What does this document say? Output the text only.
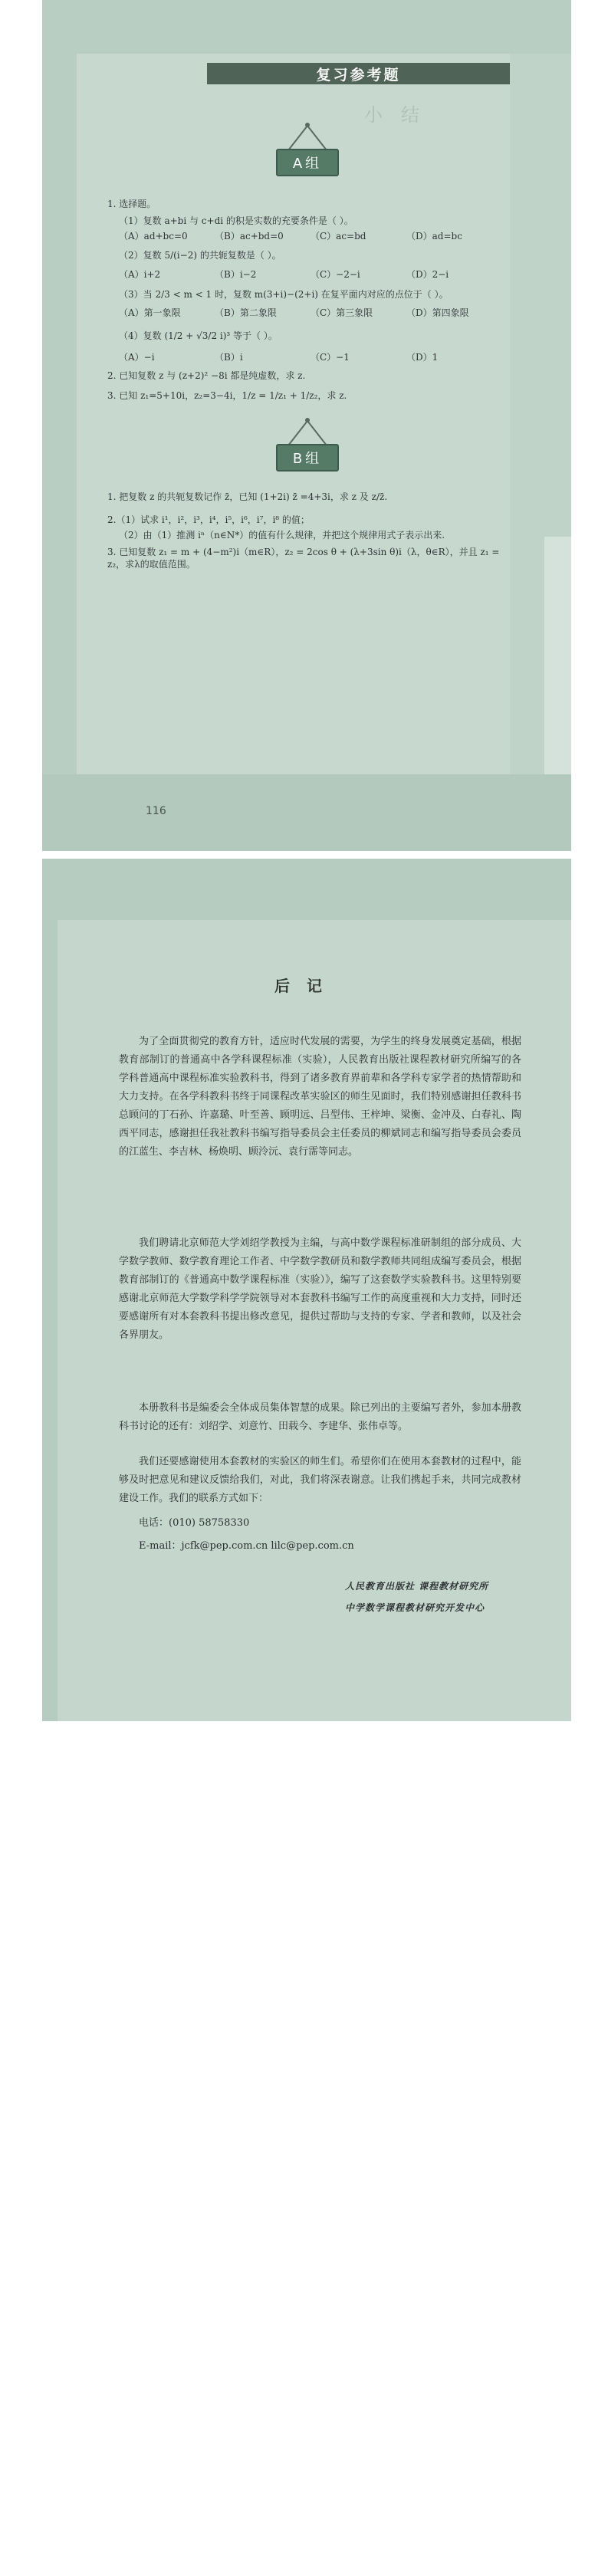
复习参考题
小结
A组
1. 选择题。
（1）复数 a+bi 与 c+di 的积是实数的充要条件是（ ）。
（A）ad+bc=0	（B）ac+bd=0	（C）ac=bd	（D）ad=bc
（2）复数 5/(i−2) 的共轭复数是（ ）。
（A）i+2	（B）i−2	（C）−2−i	（D）2−i
（3）当 2/3 < m < 1 时，复数 m(3+i)−(2+i) 在复平面内对应的点位于（ ）。
（A）第一象限	（B）第二象限	（C）第三象限	（D）第四象限
（4）复数 (1/2 + √3/2 i)³ 等于（ ）。
（A）−i	（B）i	（C）−1	（D）1
2. 已知复数 z 与 (z+2)² −8i 都是纯虚数，求 z.
3. 已知 z₁=5+10i，z₂=3−4i，1/z = 1/z₁ + 1/z₂，求 z.
B组
1. 把复数 z 的共轭复数记作 z̄，已知 (1+2i) z̄ =4+3i，求 z 及 z/z̄.
2.（1）试求 i¹，i²，i³，i⁴，i⁵，i⁶，i⁷，i⁸ 的值；
（2）由（1）推测 iⁿ（n∈N*）的值有什么规律，并把这个规律用式子表示出来.
3. 已知复数 z₁ = m + (4−m²)i（m∈R），z₂ = 2cos θ + (λ+3sin θ)i（λ，θ∈R），并且 z₁ = z₂，求λ的取值范围。
116
后记
为了全面贯彻党的教育方针，适应时代发展的需要，为学生的终身发展奠定基础，根据教育部制订的普通高中各学科课程标准（实验），人民教育出版社课程教材研究所编写的各学科普通高中课程标准实验教科书，得到了诸多教育界前辈和各学科专家学者的热情帮助和大力支持。在各学科教科书终于同课程改革实验区的师生见面时，我们特别感谢担任教科书总顾问的丁石孙、许嘉璐、叶至善、顾明远、吕型伟、王梓坤、梁衡、金冲及、白春礼、陶西平同志，感谢担任我社教科书编写指导委员会主任委员的柳斌同志和编写指导委员会委员的江蓝生、李吉林、杨焕明、顾泠沅、袁行霈等同志。
我们聘请北京师范大学刘绍学教授为主编，与高中数学课程标准研制组的部分成员、大学数学教师、数学教育理论工作者、中学数学教研员和数学教师共同组成编写委员会，根据教育部制订的《普通高中数学课程标准（实验）》，编写了这套数学实验教科书。这里特别要感谢北京师范大学数学科学学院领导对本套教科书编写工作的高度重视和大力支持，同时还要感谢所有对本套教科书提出修改意见，提供过帮助与支持的专家、学者和教师，以及社会各界朋友。
本册教科书是编委会全体成员集体智慧的成果。除已列出的主要编写者外，参加本册教科书讨论的还有：刘绍学、刘意竹、田载今、李建华、张伟卓等。
我们还要感谢使用本套教材的实验区的师生们。希望你们在使用本套教材的过程中，能够及时把意见和建议反馈给我们，对此，我们将深表谢意。让我们携起手来，共同完成教材建设工作。我们的联系方式如下：
电话：(010) 58758330
E-mail：jcfk@pep.com.cn lilc@pep.com.cn
人民教育出版社 课程教材研究所
中学数学课程教材研究开发中心
